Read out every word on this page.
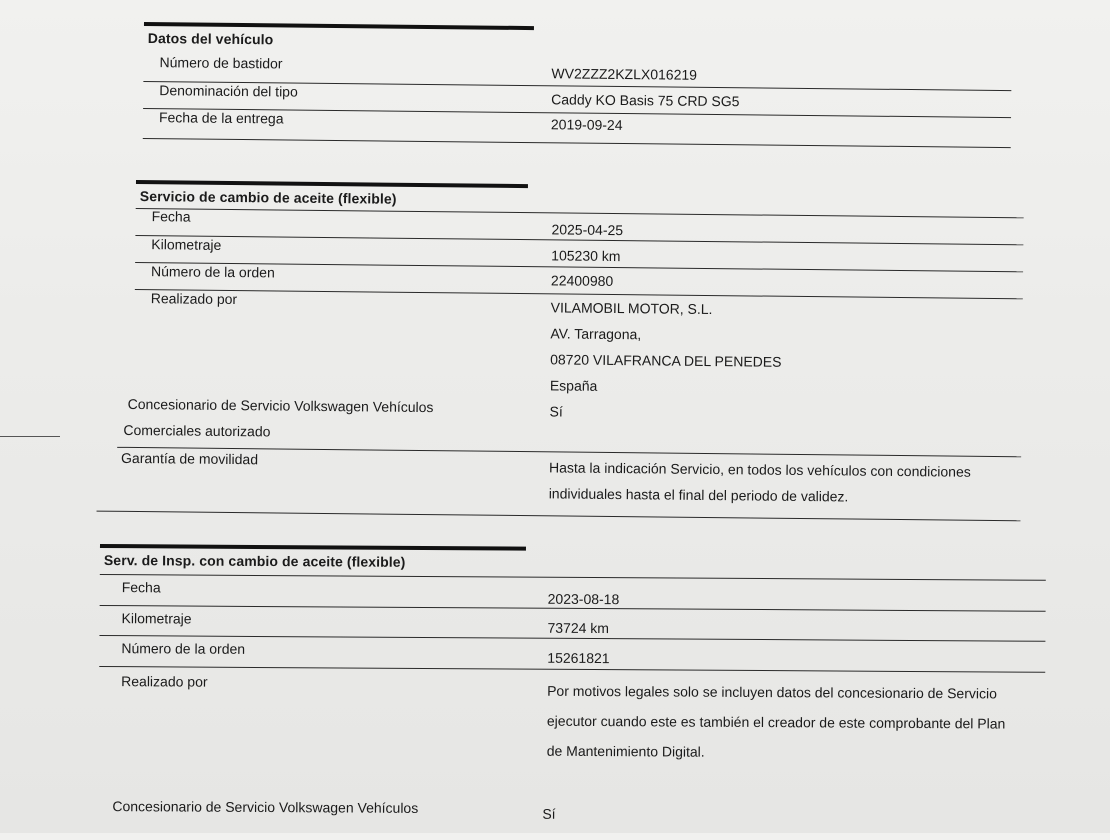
Datos del vehículo
Número de bastidor
WV2ZZZ2KZLX016219
Denominación del tipo
Caddy KO Basis 75 CRD SG5
Fecha de la entrega	2019-09-24
Servicio de cambio de aceite (flexible)
Fecha
2025-04-25
Kilometraje
105230 km
Número de la orden
22400980
Realizado por
VILAMOBIL MOTOR, S.L.
AV. Tarragona,
08720 VILAFRANCA DEL PENEDES
España
Concesionario de Servicio Volkswagen Vehículos
Comerciales autorizado
Sí
Garantía de movilidad
Hasta la indicación Servicio, en todos los vehículos con condiciones
individuales hasta el final del periodo de validez.
Serv. de Insp. con cambio de aceite (flexible)
Fecha
2023-08-18
Kilometraje
73724 km
Número de la orden
15261821
Realizado por
Por motivos legales solo se incluyen datos del concesionario de Servicio
ejecutor cuando este es también el creador de este comprobante del Plan
de Mantenimiento Digital.
Concesionario de Servicio Volkswagen Vehículos	Sí
